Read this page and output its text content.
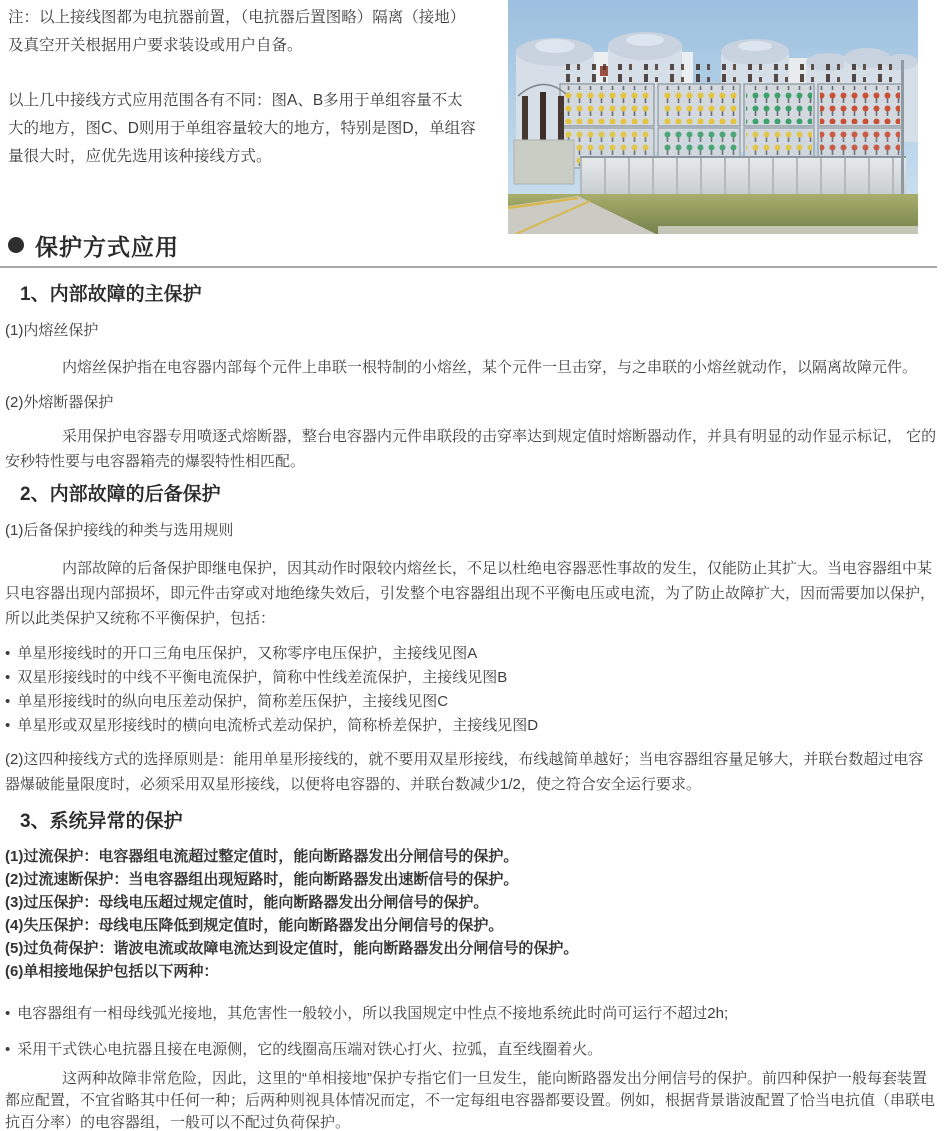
注：以上接线图都为电抗器前置，（电抗器后置图略）隔离（接地）及真空开关根据用户要求装设或用户自备。

以上几中接线方式应用范围各有不同：图A、B多用于单组容量不太大的地方，图C、D则用于单组容量较大的地方，特别是图D，单组容量很大时，应优先选用该种接线方式。

保护方式应用
1、内部故障的主保护
(1)内熔丝保护
内熔丝保护指在电容器内部每个元件上串联一根特制的小熔丝，某个元件一旦击穿，与之串联的小熔丝就动作，以隔离故障元件。
(2)外熔断器保护
采用保护电容器专用喷逐式熔断器，整台电容器内元件串联段的击穿率达到规定值时熔断器动作，并具有明显的动作显示标记， 它的安秒特性要与电容器箱壳的爆裂特性相匹配。
2、内部故障的后备保护
(1)后备保护接线的种类与选用规则
内部故障的后备保护即继电保护，因其动作时限较内熔丝长，不足以杜绝电容器恶性事故的发生，仅能防止其扩大。当电容器组中某只电容器出现内部损坏，即元件击穿或对地绝缘失效后，引发整个电容器组出现不平衡电压或电流，为了防止故障扩大，因而需要加以保护，所以此类保护又统称不平衡保护，包括：
• 单星形接线时的开口三角电压保护，又称零序电压保护，主接线见图A
• 双星形接线时的中线不平衡电流保护，简称中性线差流保护，主接线见图B
• 单星形接线时的纵向电压差动保护，简称差压保护，主接线见图C
• 单星形或双星形接线时的横向电流桥式差动保护，简称桥差保护，主接线见图D
(2)这四种接线方式的选择原则是：能用单星形接线的，就不要用双星形接线，布线越简单越好；当电容器组容量足够大，并联台数超过电容器爆破能量限度时，必须采用双星形接线，以便将电容器的、并联台数减少1/2，使之符合安全运行要求。
3、系统异常的保护
(1)过流保护：电容器组电流超过整定值时，能向断路器发出分闸信号的保护。
(2)过流速断保护：当电容器组出现短路时，能向断路器发出速断信号的保护。
(3)过压保护：母线电压超过规定值时，能向断路器发出分闸信号的保护。
(4)失压保护：母线电压降低到规定值时，能向断路器发出分闸信号的保护。
(5)过负荷保护：谐波电流或故障电流达到设定值时，能向断路器发出分闸信号的保护。
(6)单相接地保护包括以下两种：
• 电容器组有一相母线弧光接地，其危害性一般较小，所以我国规定中性点不接地系统此时尚可运行不超过2h;
• 采用干式铁心电抗器且接在电源侧，它的线圈高压端对铁心打火、拉弧，直至线圈着火。
这两种故障非常危险，因此，这里的“单相接地”保护专指它们一旦发生，能向断路器发出分闸信号的保护。前四种保护一般每套装置都应配置，不宜省略其中任何一种；后两种则视具体情况而定，不一定每组电容器都要设置。例如，根据背景谐波配置了恰当电抗值（串联电抗百分率）的电容器组，一般可以不配过负荷保护。
